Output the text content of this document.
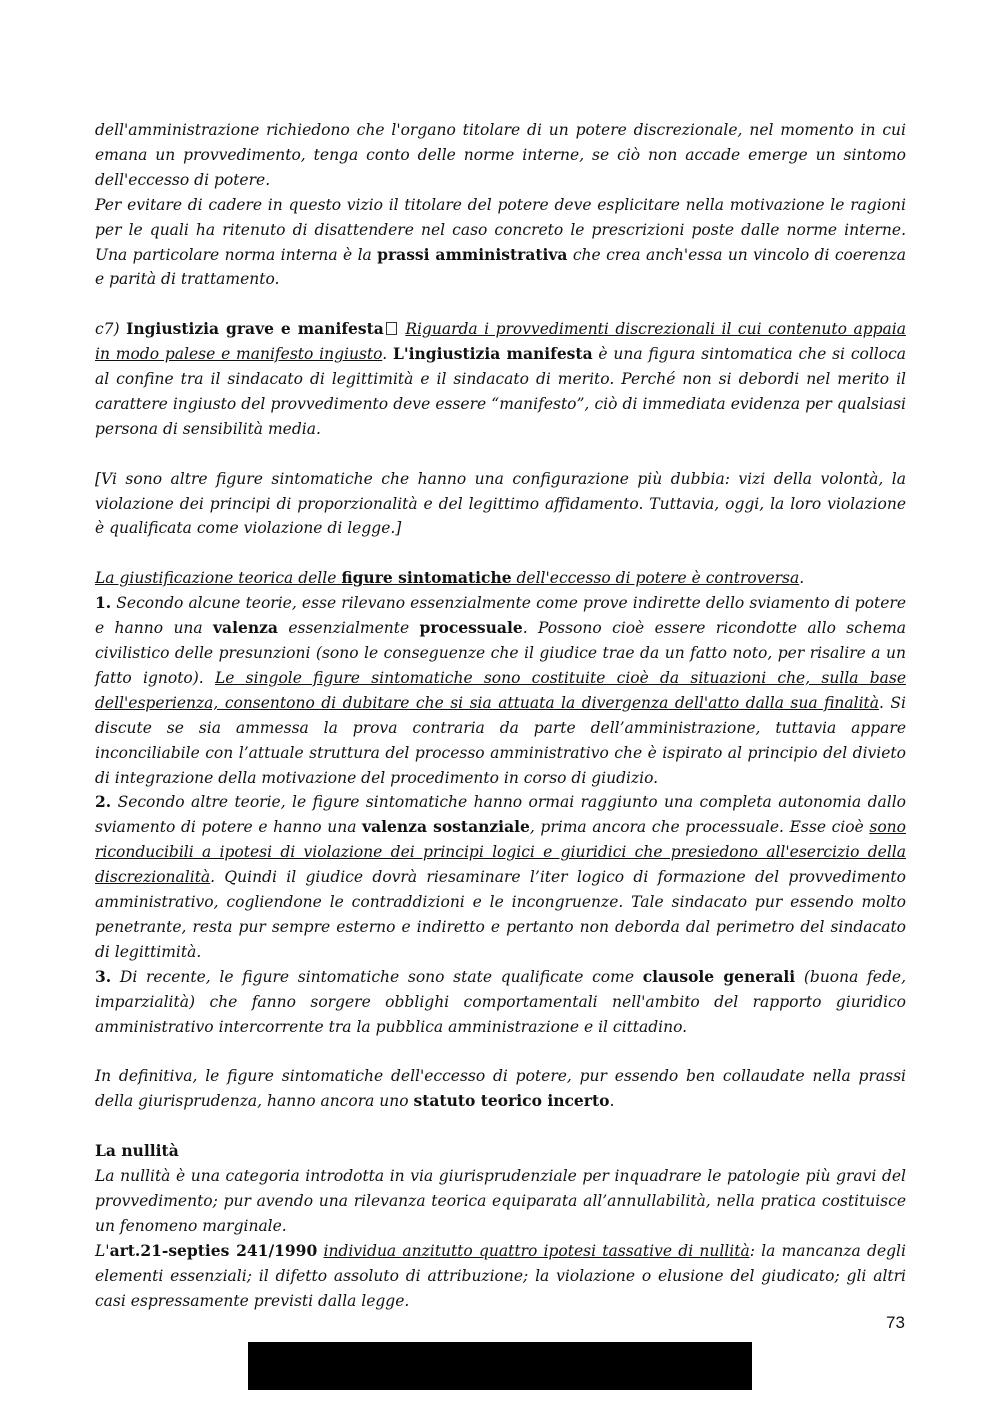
dell'amministrazione richiedono che l'organo titolare di un potere discrezionale, nel momento in cui emana un provvedimento, tenga conto delle norme interne, se ciò non accade emerge un sintomo dell'eccesso di potere.

Per evitare di cadere in questo vizio il titolare del potere deve esplicitare nella motivazione le ragioni per le quali ha ritenuto di disattendere nel caso concreto le prescrizioni poste dalle norme interne. Una particolare norma interna è la prassi amministrativa che crea anch'essa un vincolo di coerenza e parità di trattamento.

c7) Ingiustizia grave e manifesta Riguarda i provvedimenti discrezionali il cui contenuto appaia in modo palese e manifesto ingiusto. L'ingiustizia manifesta è una figura sintomatica che si colloca al confine tra il sindacato di legittimità e il sindacato di merito. Perché non si debordi nel merito il carattere ingiusto del provvedimento deve essere “manifesto”, ciò di immediata evidenza per qualsiasi persona di sensibilità media.

[Vi sono altre figure sintomatiche che hanno una configurazione più dubbia: vizi della volontà, la violazione dei principi di proporzionalità e del legittimo affidamento. Tuttavia, oggi, la loro violazione è qualificata come violazione di legge.]

La giustificazione teorica delle figure sintomatiche dell'eccesso di potere è controversa.

1. Secondo alcune teorie, esse rilevano essenzialmente come prove indirette dello sviamento di potere e hanno una valenza essenzialmente processuale. Possono cioè essere ricondotte allo schema civilistico delle presunzioni (sono le conseguenze che il giudice trae da un fatto noto, per risalire a un fatto ignoto). Le singole figure sintomatiche sono costituite cioè da situazioni che, sulla base dell'esperienza, consentono di dubitare che si sia attuata la divergenza dell'atto dalla sua finalità. Si discute se sia ammessa la prova contraria da parte dell’amministrazione, tuttavia appare inconciliabile con l’attuale struttura del processo amministrativo che è ispirato al principio del divieto di integrazione della motivazione del procedimento in corso di giudizio.

2. Secondo altre teorie, le figure sintomatiche hanno ormai raggiunto una completa autonomia dallo sviamento di potere e hanno una valenza sostanziale, prima ancora che processuale. Esse cioè sono riconducibili a ipotesi di violazione dei principi logici e giuridici che presiedono all'esercizio della discrezionalità. Quindi il giudice dovrà riesaminare l’iter logico di formazione del provvedimento amministrativo, cogliendone le contraddizioni e le incongruenze. Tale sindacato pur essendo molto penetrante, resta pur sempre esterno e indiretto e pertanto non deborda dal perimetro del sindacato di legittimità.

3. Di recente, le figure sintomatiche sono state qualificate come clausole generali (buona fede, imparzialità) che fanno sorgere obblighi comportamentali nell'ambito del rapporto giuridico amministrativo intercorrente tra la pubblica amministrazione e il cittadino.

In definitiva, le figure sintomatiche dell'eccesso di potere, pur essendo ben collaudate nella prassi della giurisprudenza, hanno ancora uno statuto teorico incerto.

La nullità

La nullità è una categoria introdotta in via giurisprudenziale per inquadrare le patologie più gravi del provvedimento; pur avendo una rilevanza teorica equiparata all’annullabilità, nella pratica costituisce un fenomeno marginale.

L'art.21-septies 241/1990 individua anzitutto quattro ipotesi tassative di nullità: la mancanza degli elementi essenziali; il difetto assoluto di attribuzione; la violazione o elusione del giudicato; gli altri casi espressamente previsti dalla legge.

73
